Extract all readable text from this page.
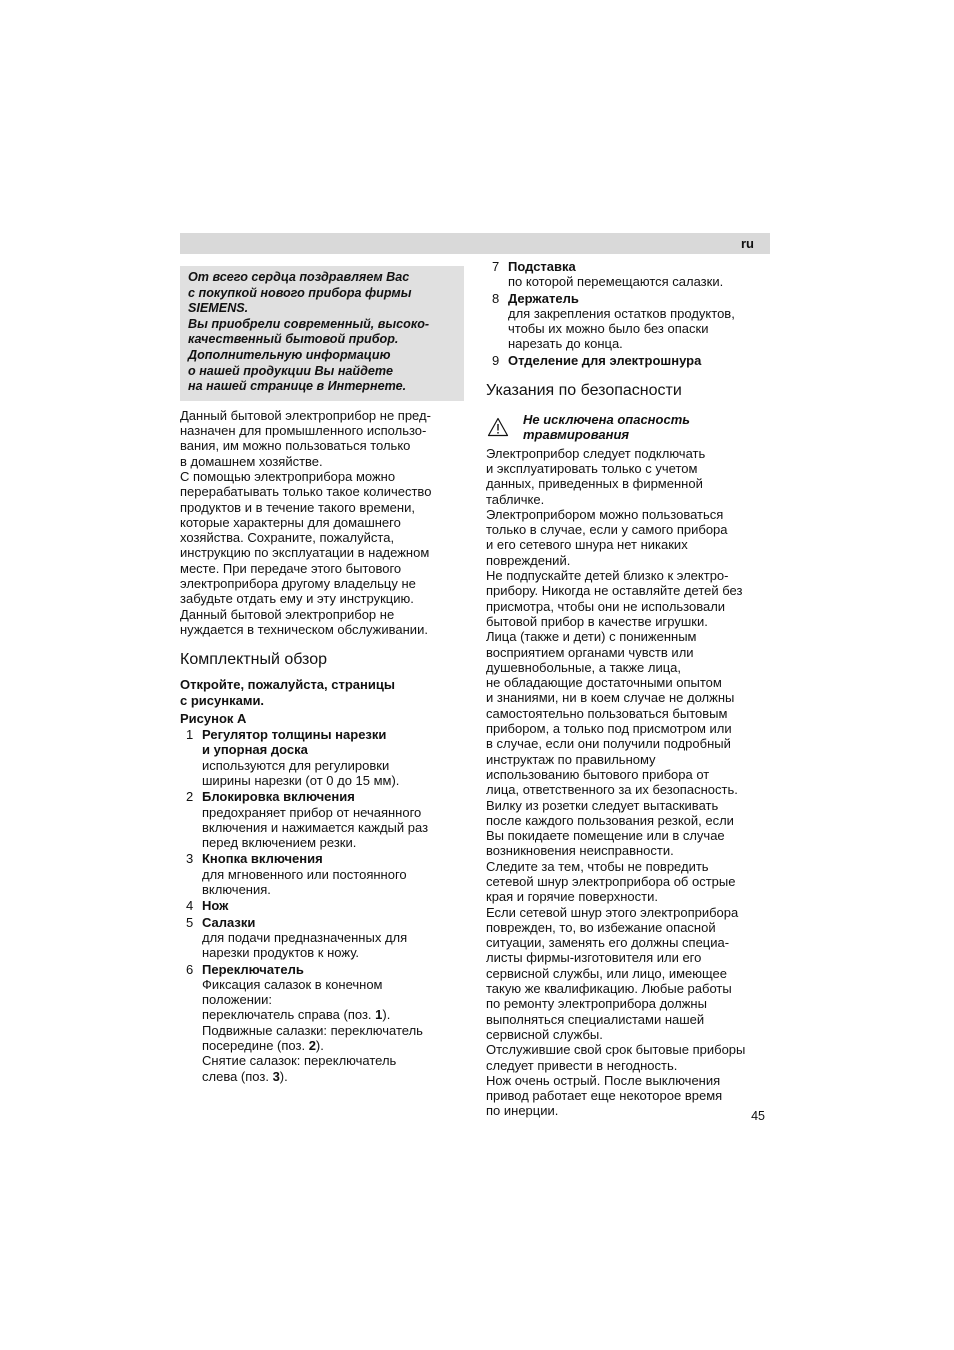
ru

От всего сердца поздравляем Вас

с покупкой нового прибора фирмы

SIEMENS.

Вы приобрели современный, высоко-

качественный бытовой прибор.

Дополнительную информацию

о нашей продукции Вы найдете

на нашей странице в Интернете.

Данный бытовой электроприбор не пред-

назначен для промышленного использо-

вания, им можно пользоваться только

в домашнем хозяйстве.

С помощью электроприбора можно

перерабатывать только такое количество

продуктов и в течение такого времени,

которые характерны для домашнего

хозяйства. Сохраните, пожалуйста,

инструкцию по эксплуатации в надежном

месте. При передаче этого бытового

электроприбора другому владельцу не

забудьте отдать ему и эту инструкцию.

Данный бытовой электроприбор не

нуждается в техническом обслуживании.

Комплектный обзор
Откройте, пожалуйста, страницы
с рисунками.
Рисунок А
1 Регулятор толщины нарезки
и упорная доска
используются для регулировки
ширины нарезки (от 0 до 15 мм).
2 Блокировка включения
предохраняет прибор от нечаянного
включения и нажимается каждый раз
перед включением резки.
3 Кнопка включения
для мгновенного или постоянного
включения.
4 Нож
5 Салазки
для подачи предназначенных для
нарезки продуктов к ножу.
6 Переключатель
Фиксация салазок в конечном
положении:
переключатель справа (поз. 1).
Подвижные салазки: переключатель
посередине (поз. 2).
Снятие салазок: переключатель
слева (поз. 3).
7 Подставка
по которой перемещаются салазки.
8 Держатель
для закрепления остатков продуктов,
чтобы их можно было без опаски
нарезать до конца.
9 Отделение для электрошнура
Указания по безопасности
Не исключена опасность
травмирования

Электроприбор следует подключать

и эксплуатировать только с учетом

данных, приведенных в фирменной

табличке.

Электроприбором можно пользоваться

только в случае, если у самого прибора

и его сетевого шнура нет никаких

повреждений.

Не подпускайте детей близко к электро-

прибору. Никогда не оставляйте детей без

присмотра, чтобы они не использовали

бытовой прибор в качестве игрушки.

Лица (также и дети) с пониженным

восприятием органами чувств или

душевнобольные, а также лица,

не обладающие достаточными опытом

и знаниями, ни в коем случае не должны

самостоятельно пользоваться бытовым

прибором, а только под присмотром или

в случае, если они получили подробный

инструктаж по правильному

использованию бытового прибора от

лица, ответственного за их безопасность.

Вилку из розетки следует вытаскивать

после каждого пользования резкой, если

Вы покидаете помещение или в случае

возникновения неисправности.

Следите за тем, чтобы не повредить

сетевой шнур электроприбора об острые

края и горячие поверхности.

Если сетевой шнур этого электроприбора

поврежден, то, во избежание опасной

ситуации, заменять его должны специа-

листы фирмы-изготовителя или его

сервисной службы, или лицо, имеющее

такую же квалификацию. Любые работы

по ремонту электроприбора должны

выполняться специалистами нашей

сервисной службы.

Отслужившие свой срок бытовые приборы

следует привести в негодность.

Нож очень острый. После выключения

привод работает еще некоторое время

по инерции.	45
